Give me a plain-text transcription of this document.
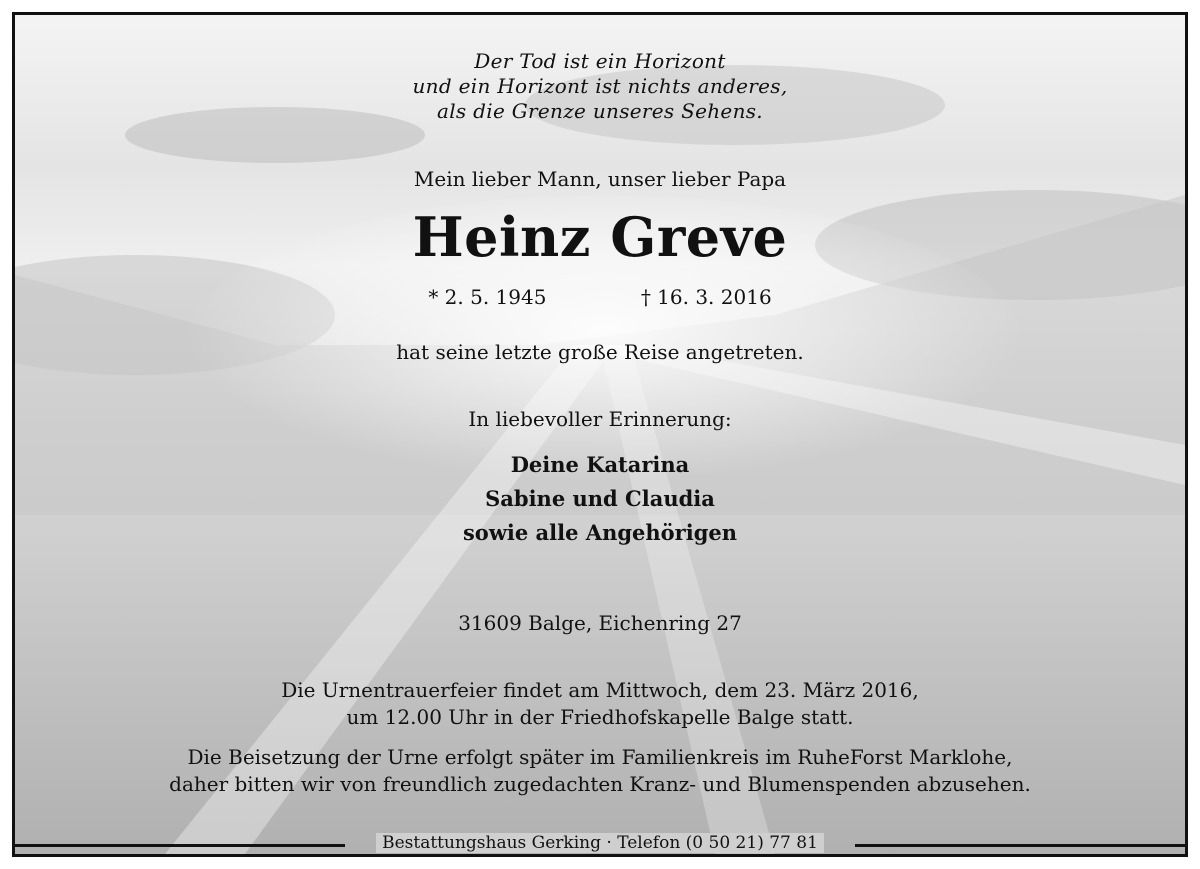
Der Tod ist ein Horizont
und ein Horizont ist nichts anderes,
als die Grenze unseres Sehens.
Mein lieber Mann, unser lieber Papa
Heinz Greve
* 2. 5. 1945	† 16. 3. 2016
hat seine letzte große Reise angetreten.
In liebevoller Erinnerung:
Deine Katarina
Sabine und Claudia
sowie alle Angehörigen
31609 Balge, Eichenring 27
Die Urnentrauerfeier findet am Mittwoch, dem 23. März 2016,
um 12.00 Uhr in der Friedhofskapelle Balge statt.
Die Beisetzung der Urne erfolgt später im Familienkreis im RuheForst Marklohe,
daher bitten wir von freundlich zugedachten Kranz- und Blumenspenden abzusehen.
Bestattungshaus Gerking · Telefon (0 50 21) 77 81
